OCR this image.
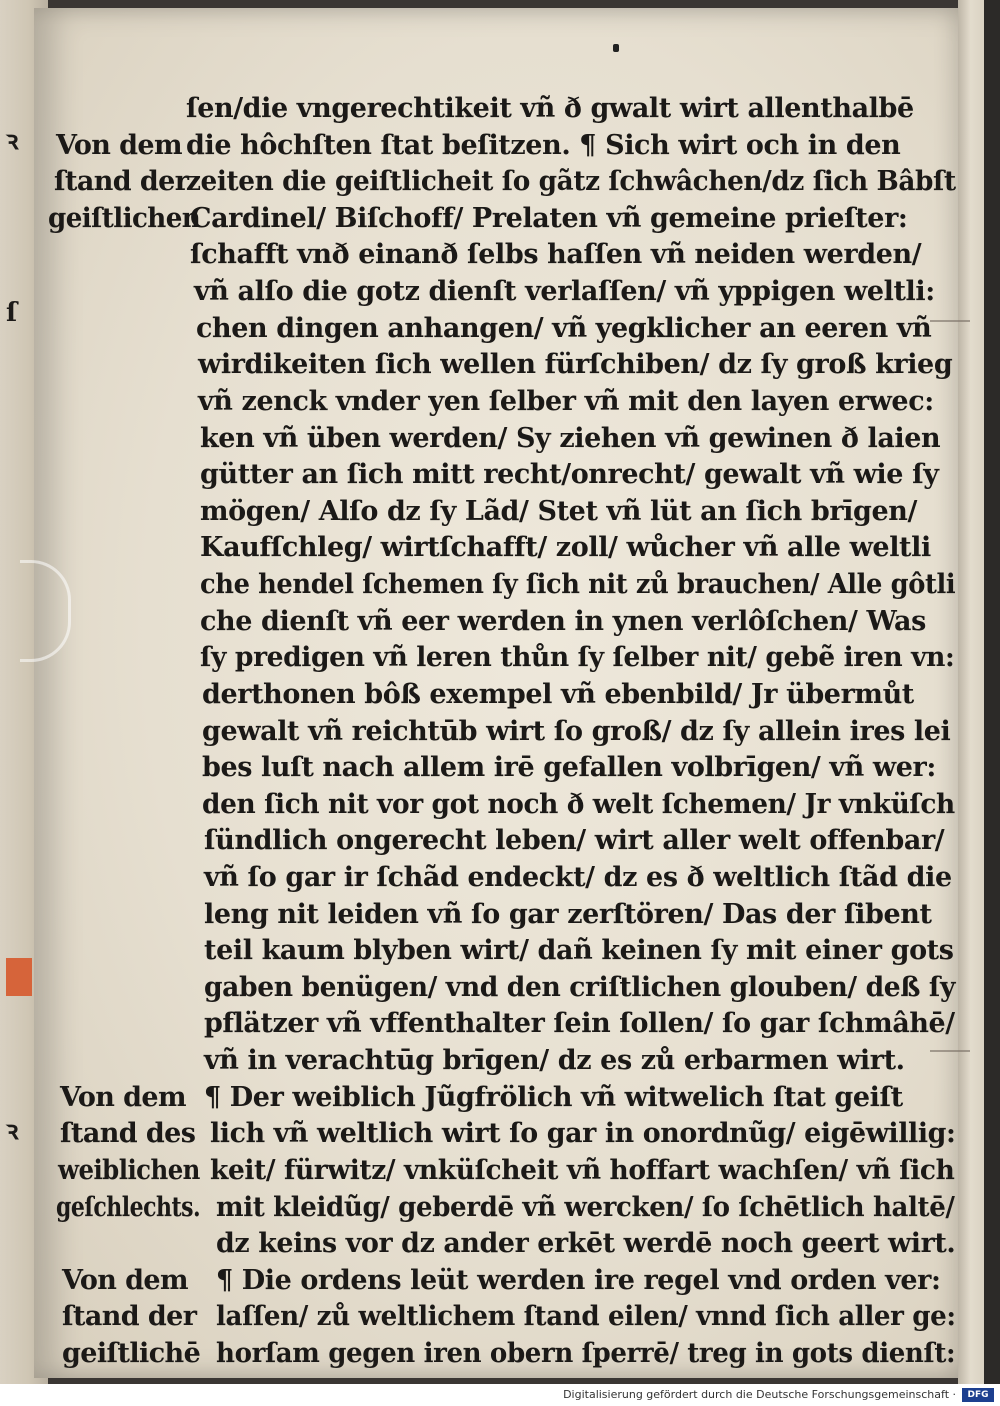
ꝛ
ſ
ꝛ
ſen/die vngerechtikeit vñ ð gwalt wirt allenthalbē
die hôchſten ſtat beſitzen. ¶ Sich wirt och in den
zeiten die geiſtlicheit ſo gãtz ſchwâchen/dz ſich Bâbſt
Cardinel/ Biſchoff/ Prelaten vñ gemeine prieſter:
ſchafft vnð einanð ſelbs haſſen vñ neiden werden/
vñ alſo die gotz dienſt verlaſſen/ vñ yppigen weltli:
chen dingen anhangen/ vñ yegklicher an eeren vñ
wirdikeiten ſich wellen fürſchiben/ dz ſy groß krieg
vñ zenck vnder yen ſelber vñ mit den layen erwec:
ken vñ üben werden/ Sy ziehen vñ gewinen ð laien
gütter an ſich mitt recht/onrecht/ gewalt vñ wie ſy
mögen/ Alſo dz ſy Lãd/ Stet vñ lüt an ſich brīgen/
Kaufſchleg/ wirtſchafft/ zoll/ wůcher vñ alle weltli
che hendel ſchemen ſy ſich nit zů brauchen/ Alle gôtli
che dienſt vñ eer werden in ynen verlôſchen/ Was
ſy predigen vñ leren thůn ſy ſelber nit/ gebẽ iren vn:
derthonen bôß exempel vñ ebenbild/ Jr übermůt
gewalt vñ reichtūb wirt ſo groß/ dz ſy allein ires lei
bes luſt nach allem irē gefallen volbrīgen/ vñ wer:
den ſich nit vor got noch ð welt ſchemen/ Jr vnküſch
ſündlich ongerecht leben/ wirt aller welt offenbar/
vñ ſo gar ir ſchãd endeckt/ dz es ð weltlich ſtãd die
leng nit leiden vñ ſo gar zerſtören/ Das der ſibent
teil kaum blyben wirt/ dañ keinen ſy mit einer gots
gaben benügen/ vnd den criſtlichen glouben/ deß ſy
pflätzer vñ vffenthalter ſein ſollen/ ſo gar ſchmâhē/
vñ in verachtūg brīgen/ dz es zů erbarmen wirt.
¶ Der weiblich Jũgfrölich vñ witwelich ſtat geiſt
lich vñ weltlich wirt ſo gar in onordnũg/ eigēwillig:
keit/ fürwitz/ vnküſcheit vñ hoffart wachſen/ vñ ſich
mit kleidũg/ geberdē vñ wercken/ ſo ſchētlich haltē/
dz keins vor dz ander erkēt werdē noch geert wirt.
¶ Die ordens leüt werden ire regel vnd orden ver:
laſſen/ zů weltlichem ſtand eilen/ vnnd ſich aller ge:
horſam gegen iren obern ſperrē/ treg in gots dienſt:
Von dem
ſtand der
geiſtlichen
Von dem
ſtand des
weiblichen
geſchlechts.
Von dem
ſtand der
geiſtlichē
Digitalisierung gefördert durch die Deutsche Forschungsgemeinschaft ·	DFG
